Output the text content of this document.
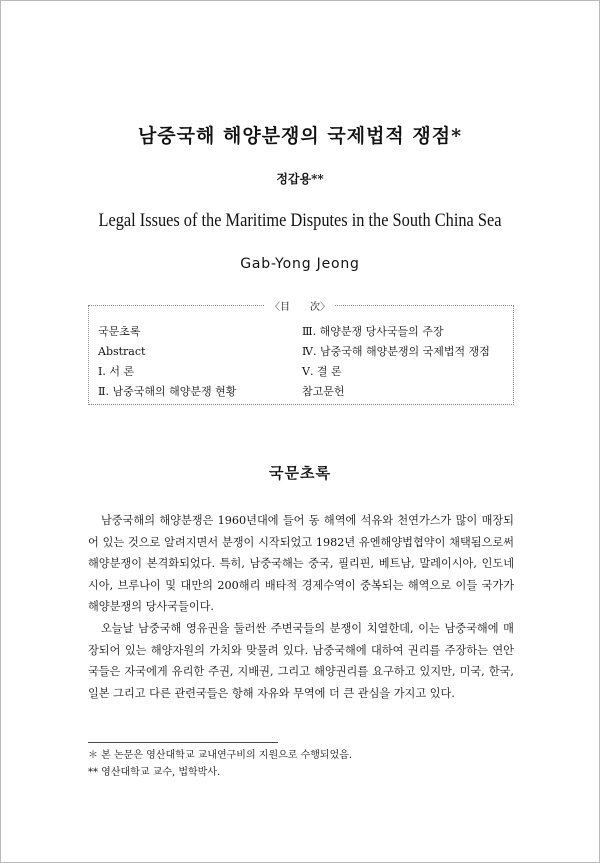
남중국해 해양분쟁의 국제법적 쟁점*
정갑용**
Legal Issues of the Maritime Disputes in the South China Sea
Gab-Yong Jeong
〈目　　次〉
국문초록
Abstract
Ⅰ. 서 론
Ⅱ. 남중국해의 해양분쟁 현황
Ⅲ. 해양분쟁 당사국들의 주장
Ⅳ. 남중국해 해양분쟁의 국제법적 쟁점
Ⅴ. 결 론
참고문헌
국문초록

남중국해의 해양분쟁은 1960년대에 들어 동 해역에 석유와 천연가스가 많이 매장되어 있는 것으로 알려지면서 분쟁이 시작되었고 1982년 유엔해양법협약이 채택됨으로써 해양분쟁이 본격화되었다. 특히, 남중국해는 중국, 필리핀, 베트남, 말레이시아, 인도네시아, 브루나이 및 대만의 200해리 배타적 경제수역이 중복되는 해역으로 이들 국가가 해양분쟁의 당사국들이다.

오늘날 남중국해 영유권을 둘러싼 주변국들의 분쟁이 치열한데, 이는 남중국해에 매장되어 있는 해양자원의 가치와 맞물려 있다. 남중국해에 대하여 권리를 주장하는 연안국들은 자국에게 유리한 주권, 지배권, 그리고 해양권리를 요구하고 있지만, 미국, 한국, 일본 그리고 다른 관련국들은 항해 자유와 무역에 더 큰 관심을 가지고 있다.

＊ 본 논문은 영산대학교 교내연구비의 지원으로 수행되었음.
** 영산대학교 교수, 법학박사.
